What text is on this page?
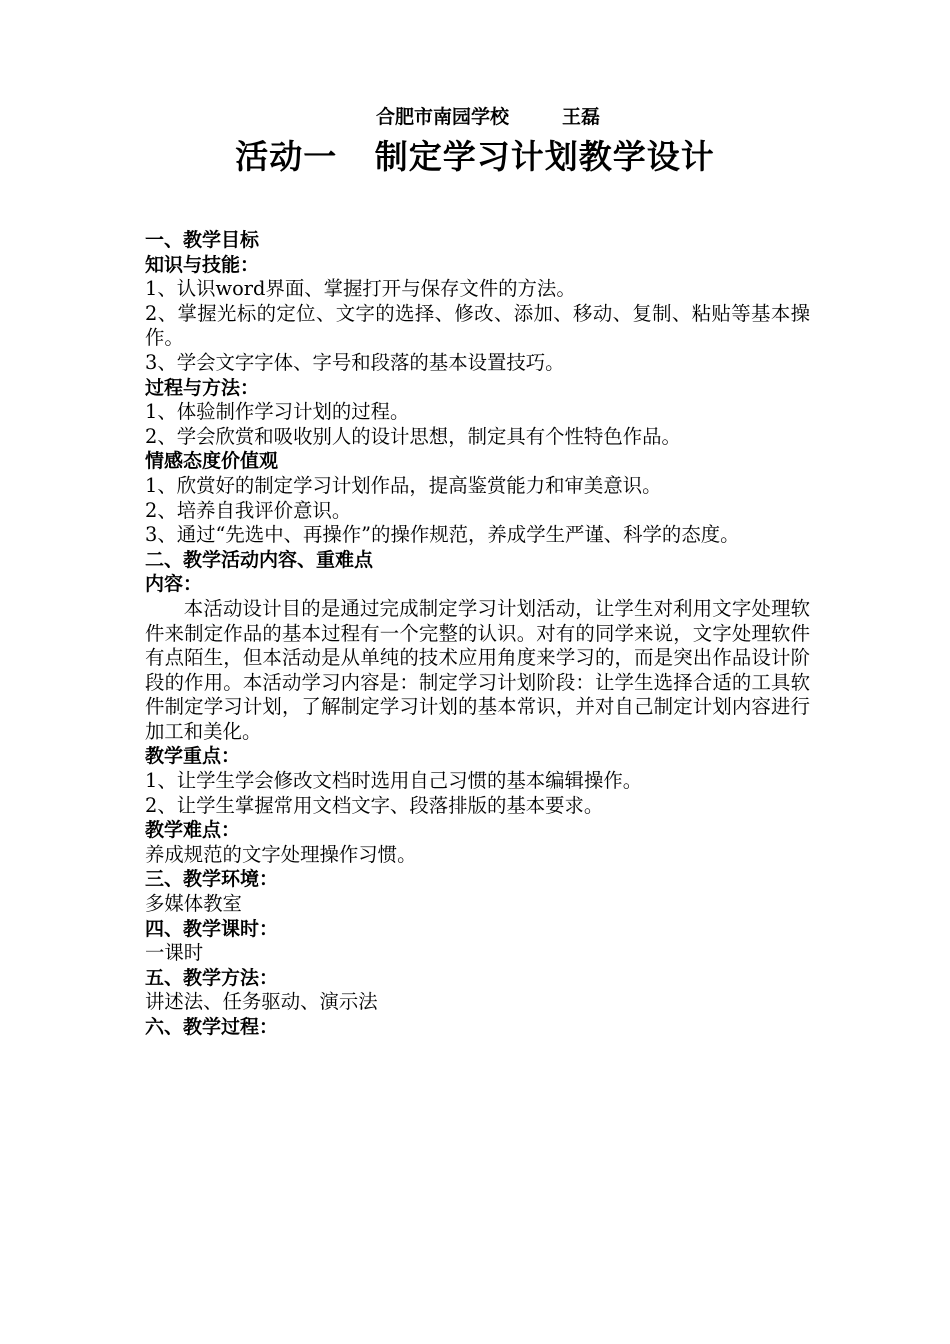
合肥市南园学校        王磊
活动一   制定学习计划教学设计

一、教学目标

知识与技能：

1、认识word界面、掌握打开与保存文件的方法。

2、掌握光标的定位、文字的选择、修改、添加、移动、复制、粘贴等基本操作。

3、学会文字字体、字号和段落的基本设置技巧。

过程与方法：

1、体验制作学习计划的过程。

2、学会欣赏和吸收别人的设计思想，制定具有个性特色作品。

情感态度价值观

1、欣赏好的制定学习计划作品，提高鉴赏能力和审美意识。

2、培养自我评价意识。

3、通过“先选中、再操作”的操作规范，养成学生严谨、科学的态度。

二、教学活动内容、重难点

内容：

本活动设计目的是通过完成制定学习计划活动，让学生对利用文字处理软件来制定作品的基本过程有一个完整的认识。对有的同学来说，文字处理软件有点陌生，但本活动是从单纯的技术应用角度来学习的，而是突出作品设计阶段的作用。本活动学习内容是：制定学习计划阶段：让学生选择合适的工具软件制定学习计划，了解制定学习计划的基本常识，并对自己制定计划内容进行加工和美化。

教学重点：

1、让学生学会修改文档时选用自己习惯的基本编辑操作。

2、让学生掌握常用文档文字、段落排版的基本要求。

教学难点：

养成规范的文字处理操作习惯。

三、教学环境：

多媒体教室

四、教学课时：

一课时

五、教学方法：

讲述法、任务驱动、演示法

六、教学过程：
